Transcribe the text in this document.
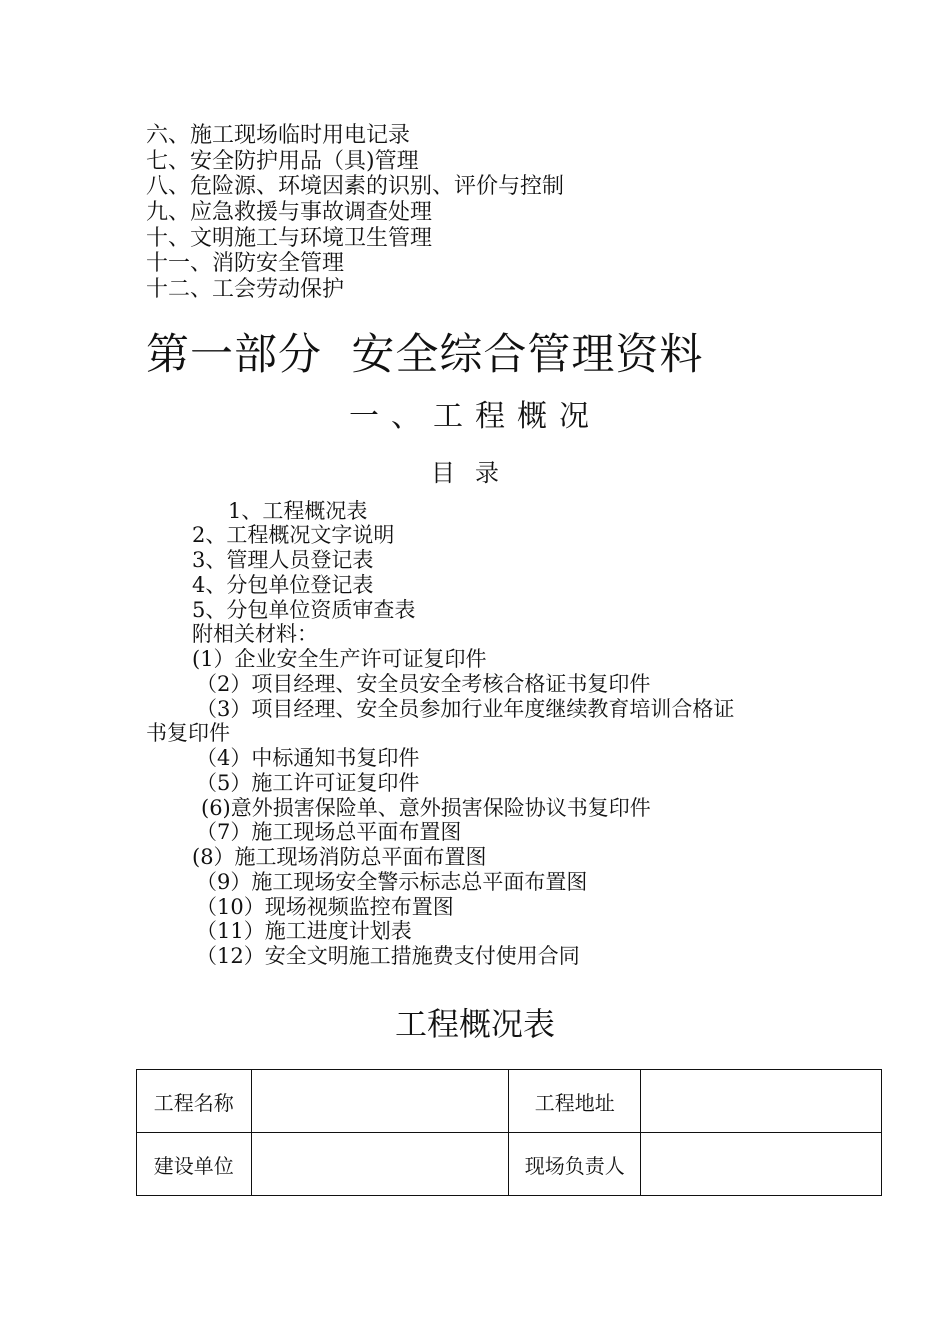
六、施工现场临时用电记录
七、安全防护用品（具)管理
八、危险源、环境因素的识别、评价与控制
九、应急救援与事故调查处理
十、文明施工与环境卫生管理
十一、消防安全管理
十二、工会劳动保护
第一部分  安全综合管理资料
一、工程概况
目录
1、工程概况表
2、工程概况文字说明
3、管理人员登记表
4、分包单位登记表
5、分包单位资质审查表
附相关材料：
(1）企业安全生产许可证复印件
（2）项目经理、安全员安全考核合格证书复印件
（3）项目经理、安全员参加行业年度继续教育培训合格证
书复印件
（4）中标通知书复印件
（5）施工许可证复印件
(6)意外损害保险单、意外损害保险协议书复印件
（7）施工现场总平面布置图
(8）施工现场消防总平面布置图
（9）施工现场安全警示标志总平面布置图
（10）现场视频监控布置图
（11）施工进度计划表
（12）安全文明施工措施费支付使用合同
工程概况表
工程名称		工程地址	
建设单位		现场负责人	
